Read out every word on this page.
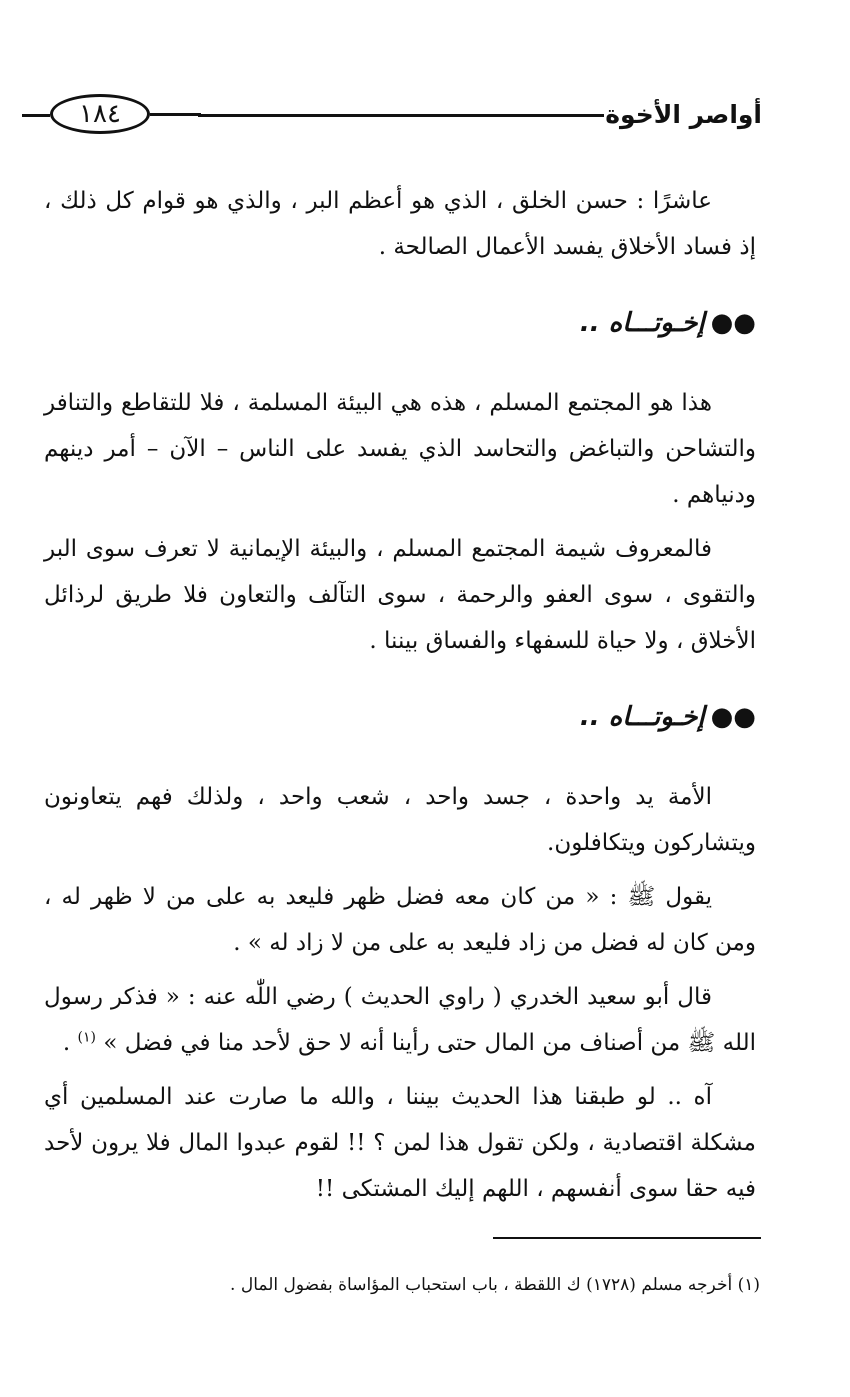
١٨٤	أواصر الأخوة

عاشرًا : حسن الخلق ، الذي هو أعظم البر ، والذي هو قوام كل ذلك ، إذ فساد الأخلاق يفسد الأعمال الصالحة .

●●إخـوتـــاه ..

هذا هو المجتمع المسلم ، هذه هي البيئة المسلمة ، فلا للتقاطع والتنافر والتشاحن والتباغض والتحاسد الذي يفسد على الناس – الآن – أمر دينهم ودنياهم .

فالمعروف شيمة المجتمع المسلم ، والبيئة الإيمانية لا تعرف سوى البر والتقوى ، سوى العفو والرحمة ، سوى التآلف والتعاون فلا طريق لرذائل الأخلاق ، ولا حياة للسفهاء والفساق بيننا .

●●إخـوتـــاه ..

الأمة يد واحدة ، جسد واحد ، شعب واحد ، ولذلك فهم يتعاونون ويتشاركون ويتكافلون.

يقول ﷺ : « من كان معه فضل ظهر فليعد به على من لا ظهر له ، ومن كان له فضل من زاد فليعد به على من لا زاد له » .

قال أبو سعيد الخدري ( راوي الحديث ) رضي اللّٰه عنه : « فذكر رسول الله ﷺ من أصناف من المال حتى رأينا أنه لا حق لأحد منا في فضل » $^{(١)}$ .

آه .. لو طبقنا هذا الحديث بيننا ، والله ما صارت عند المسلمين أي مشكلة اقتصادية ، ولكن تقول هذا لمن ؟ !! لقوم عبدوا المال فلا يرون لأحد فيه حقا سوى أنفسهم ، اللهم إليك المشتكى !!

(١) أخرجه مسلم (١٧٢٨) ك اللقطة ، باب استحباب المؤاساة بفضول المال .
